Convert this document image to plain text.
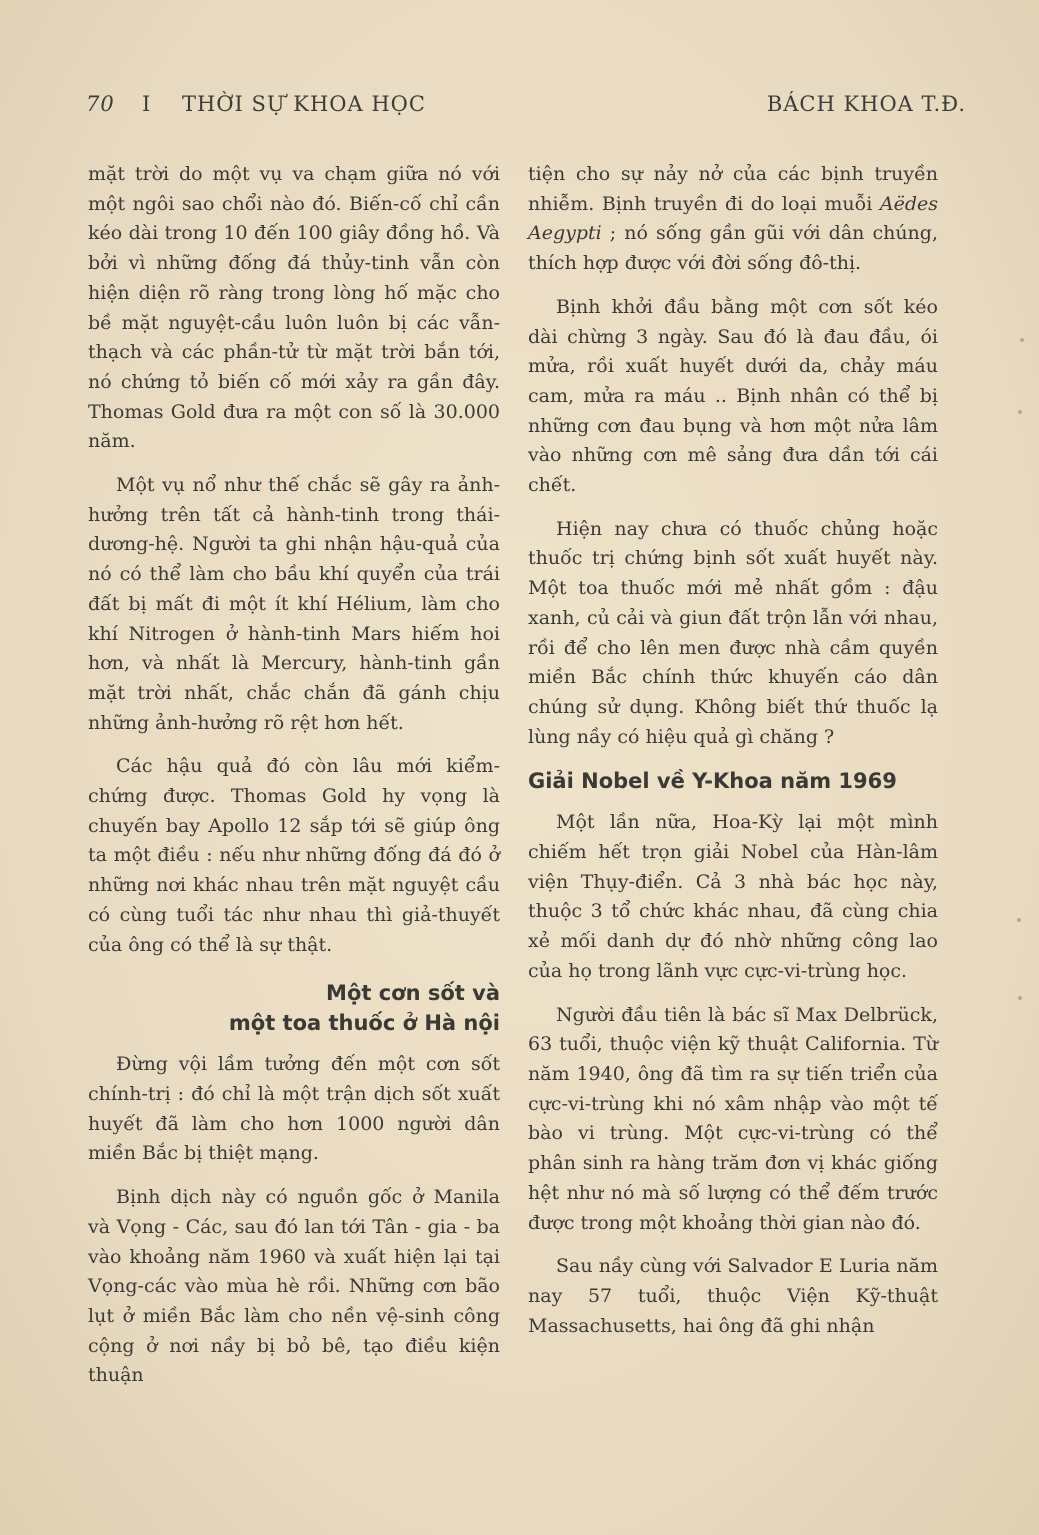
70 I THỜI SỰ KHOA HỌC	BÁCH KHOA T.Đ.

mặt trời do một vụ va chạm giữa nó với một ngôi sao chổi nào đó. Biến-cố chỉ cần kéo dài trong 10 đến 100 giây đồng hồ. Và bởi vì những đống đá thủy-tinh vẫn còn hiện diện rõ ràng trong lòng hố mặc cho bề mặt nguyệt-cầu luôn luôn bị các vẫn-thạch và các phần-tử từ mặt trời bắn tới, nó chứng tỏ biến cố mới xảy ra gần đây. Thomas Gold đưa ra một con số là 30.000 năm.

Một vụ nổ như thế chắc sẽ gây ra ảnh-hưởng trên tất cả hành-tinh trong thái-dương-hệ. Người ta ghi nhận hậu-quả của nó có thể làm cho bầu khí quyển của trái đất bị mất đi một ít khí Hélium, làm cho khí Nitrogen ở hành-tinh Mars hiếm hoi hơn, và nhất là Mercury, hành-tinh gần mặt trời nhất, chắc chắn đã gánh chịu những ảnh-hưởng rõ rệt hơn hết.

Các hậu quả đó còn lâu mới kiểm-chứng được. Thomas Gold hy vọng là chuyến bay Apollo 12 sắp tới sẽ giúp ông ta một điều : nếu như những đống đá đó ở những nơi khác nhau trên mặt nguyệt cầu có cùng tuổi tác như nhau thì giả-thuyết của ông có thể là sự thật.

Một cơn sốt và
một toa thuốc ở Hà nội

Đừng vội lầm tưởng đến một cơn sốt chính-trị : đó chỉ là một trận dịch sốt xuất huyết đã làm cho hơn 1000 người dân miền Bắc bị thiệt mạng.

Bịnh dịch này có nguồn gốc ở Manila và Vọng - Các, sau đó lan tới Tân - gia - ba vào khoảng năm 1960 và xuất hiện lại tại Vọng-các vào mùa hè rồi. Những cơn bão lụt ở miền Bắc làm cho nền vệ-sinh công cộng ở nơi nầy bị bỏ bê, tạo điều kiện thuận

tiện cho sự nảy nở của các bịnh truyền nhiễm. Bịnh truyền đi do loại muỗi Aëdes Aegypti ; nó sống gần gũi với dân chúng, thích hợp được với đời sống đô-thị.

Bịnh khởi đầu bằng một cơn sốt kéo dài chừng 3 ngày. Sau đó là đau đầu, ói mửa, rồi xuất huyết dưới da, chảy máu cam, mửa ra máu .. Bịnh nhân có thể bị những cơn đau bụng và hơn một nửa lâm vào những cơn mê sảng đưa dần tới cái chết.

Hiện nay chưa có thuốc chủng hoặc thuốc trị chứng bịnh sốt xuất huyết này. Một toa thuốc mới mẻ nhất gồm : đậu xanh, củ cải và giun đất trộn lẫn với nhau, rồi để cho lên men được nhà cầm quyền miền Bắc chính thức khuyến cáo dân chúng sử dụng. Không biết thứ thuốc lạ lùng nầy có hiệu quả gì chăng ?

Giải Nobel về Y-Khoa năm 1969

Một lần nữa, Hoa-Kỳ lại một mình chiếm hết trọn giải Nobel của Hàn-lâm viện Thụy-điển. Cả 3 nhà bác học này, thuộc 3 tổ chức khác nhau, đã cùng chia xẻ mối danh dự đó nhờ những công lao của họ trong lãnh vực cực-vi-trùng học.

Người đầu tiên là bác sĩ Max Delbrück, 63 tuổi, thuộc viện kỹ thuật California. Từ năm 1940, ông đã tìm ra sự tiến triển của cực-vi-trùng khi nó xâm nhập vào một tế bào vi trùng. Một cực-vi-trùng có thể phân sinh ra hàng trăm đơn vị khác giống hệt như nó mà số lượng có thể đếm trước được trong một khoảng thời gian nào đó.

Sau nầy cùng với Salvador E Luria năm nay 57 tuổi, thuộc Viện Kỹ-thuật Massachusetts, hai ông đã ghi nhận
